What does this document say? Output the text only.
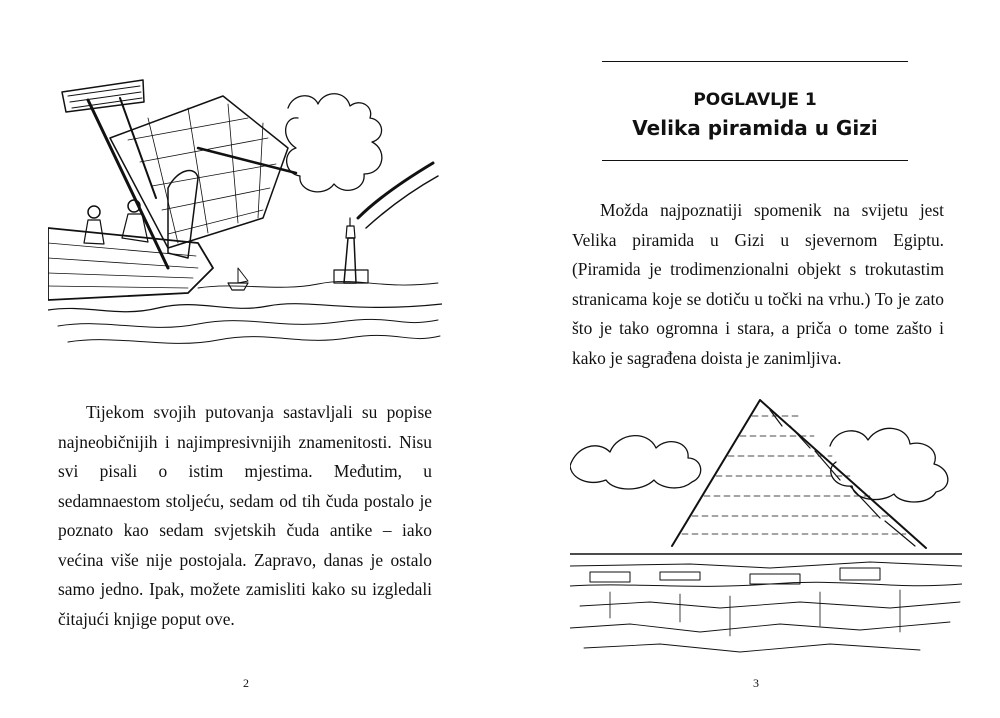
Tijekom svojih putovanja sastavljali su popise najneobičnijih i najimpresivnijih znamenitosti. Nisu svi pisali o istim mjestima. Međutim, u sedamnaestom stoljeću, sedam od tih čuda postalo je poznato kao sedam svjetskih čuda antike – iako većina više nije postojala. Zapravo, danas je ostalo samo jedno. Ipak, možete zamisliti kako su izgledali čitajući knjige poput ove.

2
POGLAVLJE 1
Velika piramida u Gizi

Možda najpoznatiji spomenik na svijetu jest Velika piramida u Gizi u sjevernom Egiptu. (Piramida je trodimenzionalni objekt s trokutastim stranicama koje se dotiču u točki na vrhu.) To je zato što je tako ogromna i stara, a priča o tome zašto i kako je sagrađena doista je zanimljiva.

3
